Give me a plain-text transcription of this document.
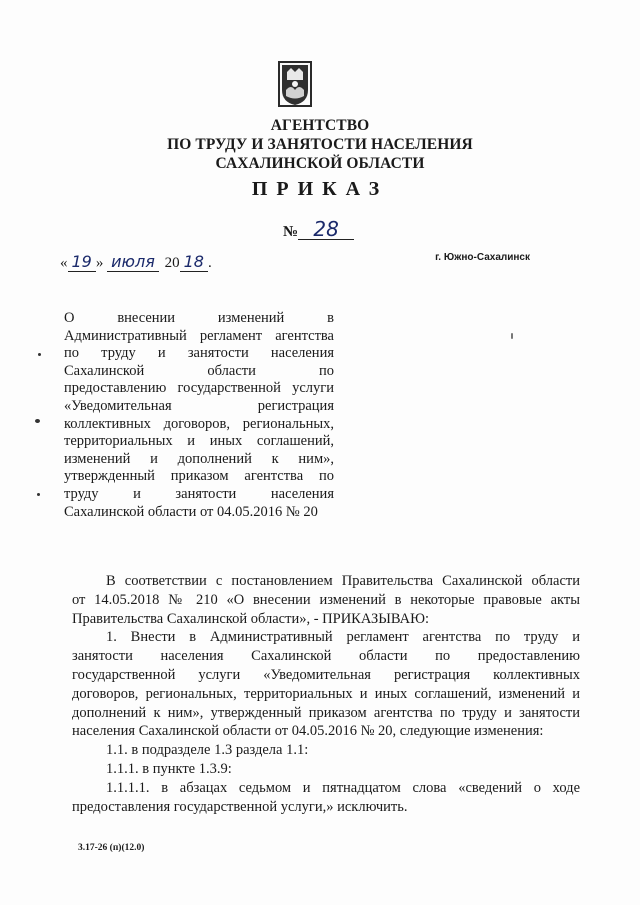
АГЕНТСТВО
ПО ТРУДУ И ЗАНЯТОСТИ НАСЕЛЕНИЯ
САХАЛИНСКОЙ ОБЛАСТИ
ПРИКАЗ
№ 28
« 19 » июля 20 18 .	г. Южно-Сахалинск
О внесении изменений в
Административный регламент агентства
по труду и занятости населения
Сахалинской области по
предоставлению государственной услуги
«Уведомительная регистрация
коллективных договоров, региональных,
территориальных и иных соглашений,
изменений и дополнений к ним»,
утвержденный приказом агентства по
труду и занятости населения
Сахалинской области от 04.05.2016 № 20
В соответствии с постановлением Правительства Сахалинской области
от 14.05.2018 № 210 «О внесении изменений в некоторые правовые акты
Правительства Сахалинской области», - ПРИКАЗЫВАЮ:
1. Внести в Административный регламент агентства по труду и
занятости населения Сахалинской области по предоставлению
государственной услуги «Уведомительная регистрация коллективных
договоров, региональных, территориальных и иных соглашений, изменений и
дополнений к ним», утвержденный приказом агентства по труду и занятости
населения Сахалинской области от 04.05.2016 № 20, следующие изменения:
1.1. в подразделе 1.3 раздела 1.1:
1.1.1. в пункте 1.3.9:
1.1.1.1. в абзацах седьмом и пятнадцатом слова «сведений о ходе
предоставления государственной услуги,» исключить.
3.17-26 (п)(12.0)
